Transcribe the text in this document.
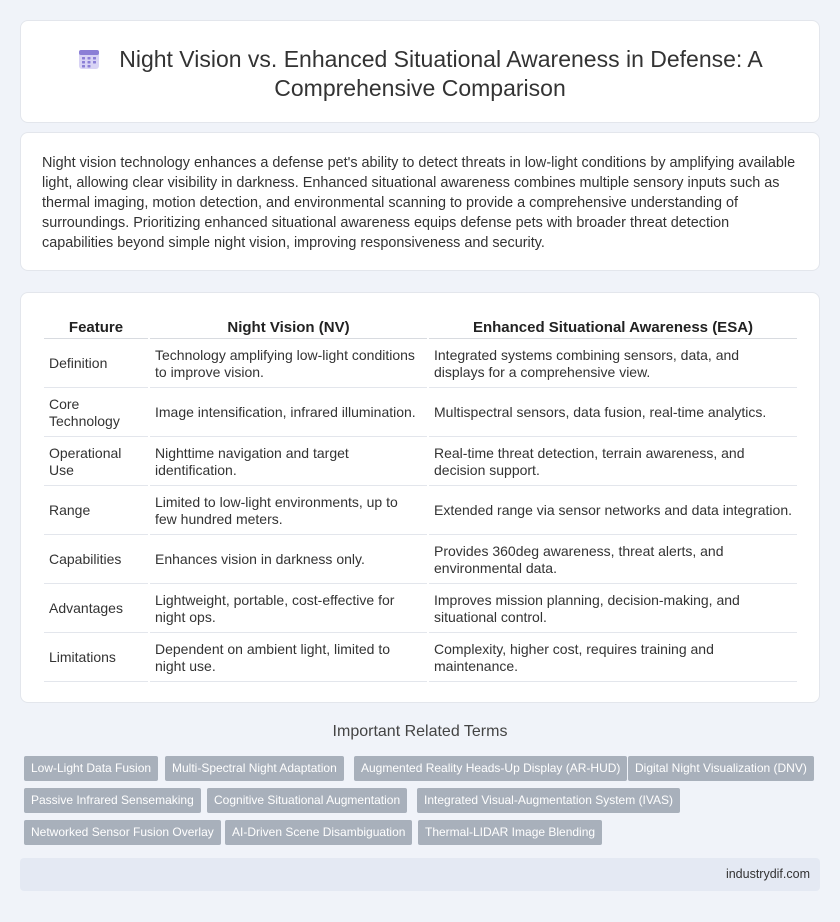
Night Vision vs. Enhanced Situational Awareness in Defense: A Comprehensive Comparison

Night vision technology enhances a defense pet's ability to detect threats in low-light conditions by amplifying available light, allowing clear visibility in darkness. Enhanced situational awareness combines multiple sensory inputs such as thermal imaging, motion detection, and environmental scanning to provide a comprehensive understanding of surroundings. Prioritizing enhanced situational awareness equips defense pets with broader threat detection capabilities beyond simple night vision, improving responsiveness and security.

Feature	Night Vision (NV)	Enhanced Situational Awareness (ESA)
Definition	Technology amplifying low-light conditions to improve vision.	Integrated systems combining sensors, data, and displays for a comprehensive view.
Core Technology	Image intensification, infrared illumination.	Multispectral sensors, data fusion, real-time analytics.
Operational Use	Nighttime navigation and target identification.	Real-time threat detection, terrain awareness, and decision support.
Range	Limited to low-light environments, up to few hundred meters.	Extended range via sensor networks and data integration.
Capabilities	Enhances vision in darkness only.	Provides 360deg awareness, threat alerts, and environmental data.
Advantages	Lightweight, portable, cost-effective for night ops.	Improves mission planning, decision-making, and situational control.
Limitations	Dependent on ambient light, limited to night use.	Complexity, higher cost, requires training and maintenance.
Important Related Terms
Low-Light Data Fusion	Multi-Spectral Night Adaptation	Augmented Reality Heads-Up Display (AR-HUD)	Digital Night Visualization (DNV)
Passive Infrared Sensemaking	Cognitive Situational Augmentation	Integrated Visual-Augmentation System (IVAS)
Networked Sensor Fusion Overlay	AI-Driven Scene Disambiguation	Thermal-LIDAR Image Blending
industrydif.com
